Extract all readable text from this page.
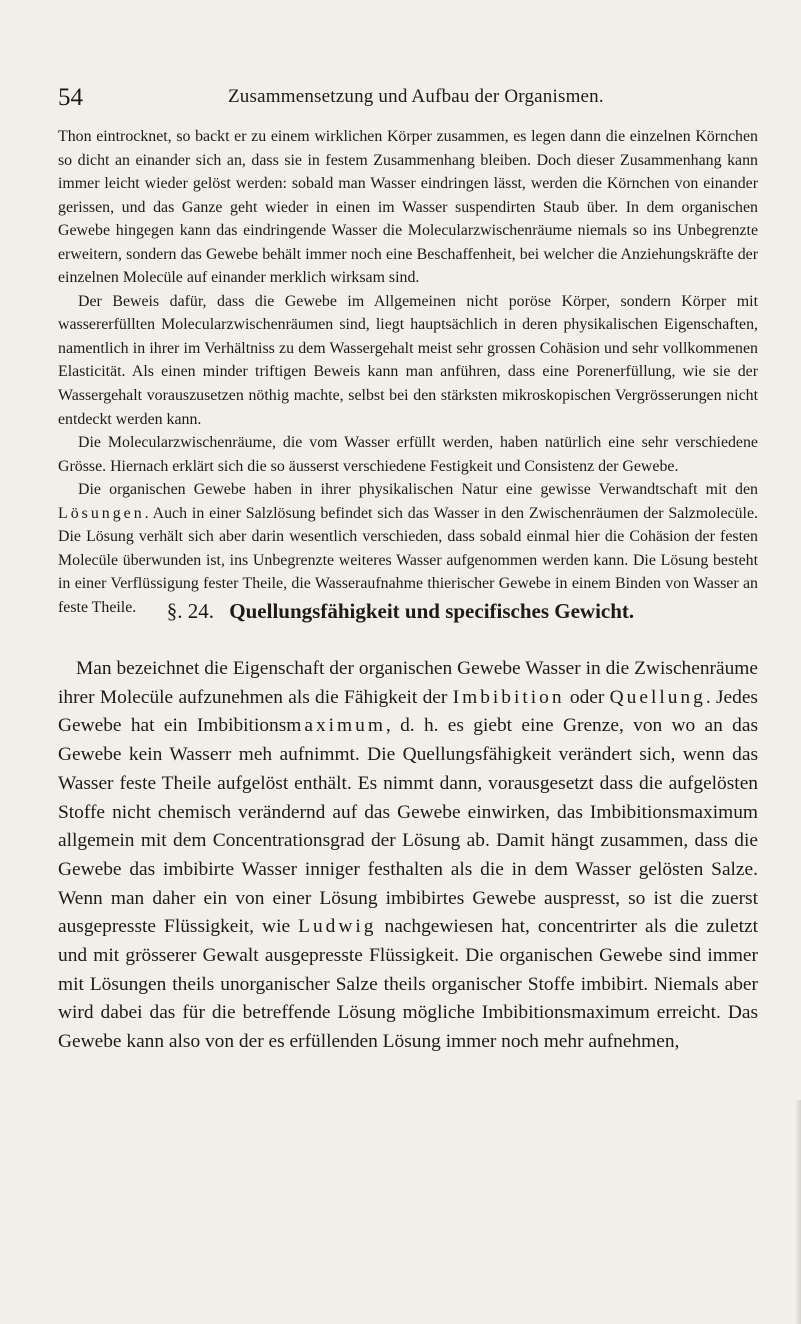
54	Zusammensetzung und Aufbau der Organismen.

Thon eintrocknet, so backt er zu einem wirklichen Körper zusammen, es legen dann die einzelnen Körnchen so dicht an einander sich an, dass sie in festem Zusammenhang bleiben. Doch dieser Zusammenhang kann immer leicht wieder gelöst werden: sobald man Wasser eindringen lässt, werden die Körnchen von einander gerissen, und das Ganze geht wieder in einen im Wasser suspendirten Staub über. In dem organischen Gewebe hingegen kann das eindringende Wasser die Molecularzwischenräume niemals so ins Unbegrenzte erweitern, sondern das Gewebe behält immer noch eine Beschaffenheit, bei welcher die Anziehungskräfte der einzelnen Molecüle auf einander merklich wirksam sind.

Der Beweis dafür, dass die Gewebe im Allgemeinen nicht poröse Körper, sondern Körper mit wassererfüllten Molecularzwischenräumen sind, liegt hauptsächlich in deren physikalischen Eigenschaften, namentlich in ihrer im Verhältniss zu dem Wassergehalt meist sehr grossen Cohäsion und sehr vollkommenen Elasticität. Als einen minder triftigen Beweis kann man anführen, dass eine Porenerfüllung, wie sie der Wassergehalt vorauszusetzen nöthig machte, selbst bei den stärksten mikroskopischen Vergrösserungen nicht entdeckt werden kann.

Die Molecularzwischenräume, die vom Wasser erfüllt werden, haben natürlich eine sehr verschiedene Grösse. Hiernach erklärt sich die so äusserst verschiedene Festigkeit und Consistenz der Gewebe.

Die organischen Gewebe haben in ihrer physikalischen Natur eine gewisse Verwandtschaft mit den Lösungen. Auch in einer Salzlösung befindet sich das Wasser in den Zwischenräumen der Salzmolecüle. Die Lösung verhält sich aber darin wesentlich verschieden, dass sobald einmal hier die Cohäsion der festen Molecüle überwunden ist, ins Unbegrenzte weiteres Wasser aufgenommen werden kann. Die Lösung besteht in einer Verflüssigung fester Theile, die Wasseraufnahme thierischer Gewebe in einem Binden von Wasser an feste Theile.	§. 24. Quellungsfähigkeit und specifisches Gewicht.

Man bezeichnet die Eigenschaft der organischen Gewebe Wasser in die Zwischenräume ihrer Molecüle aufzunehmen als die Fähigkeit der Imbibition oder Quellung. Jedes Gewebe hat ein Imbibitionsmaximum, d. h. es giebt eine Grenze, von wo an das Gewebe kein Wasserr meh aufnimmt. Die Quellungsfähigkeit verändert sich, wenn das Wasser feste Theile aufgelöst enthält. Es nimmt dann, vorausgesetzt dass die aufgelösten Stoffe nicht chemisch verändernd auf das Gewebe einwirken, das Imbibitionsmaximum allgemein mit dem Concentrationsgrad der Lösung ab. Damit hängt zusammen, dass die Gewebe das imbibirte Wasser inniger festhalten als die in dem Wasser gelösten Salze. Wenn man daher ein von einer Lösung imbibirtes Gewebe auspresst, so ist die zuerst ausgepresste Flüssigkeit, wie Ludwig nachgewiesen hat, concentrirter als die zuletzt und mit grösserer Gewalt ausgepresste Flüssigkeit. Die organischen Gewebe sind immer mit Lösungen theils unorganischer Salze theils organischer Stoffe imbibirt. Niemals aber wird dabei das für die betreffende Lösung mögliche Imbibitionsmaximum erreicht. Das Gewebe kann also von der es erfüllenden Lösung immer noch mehr aufnehmen,
